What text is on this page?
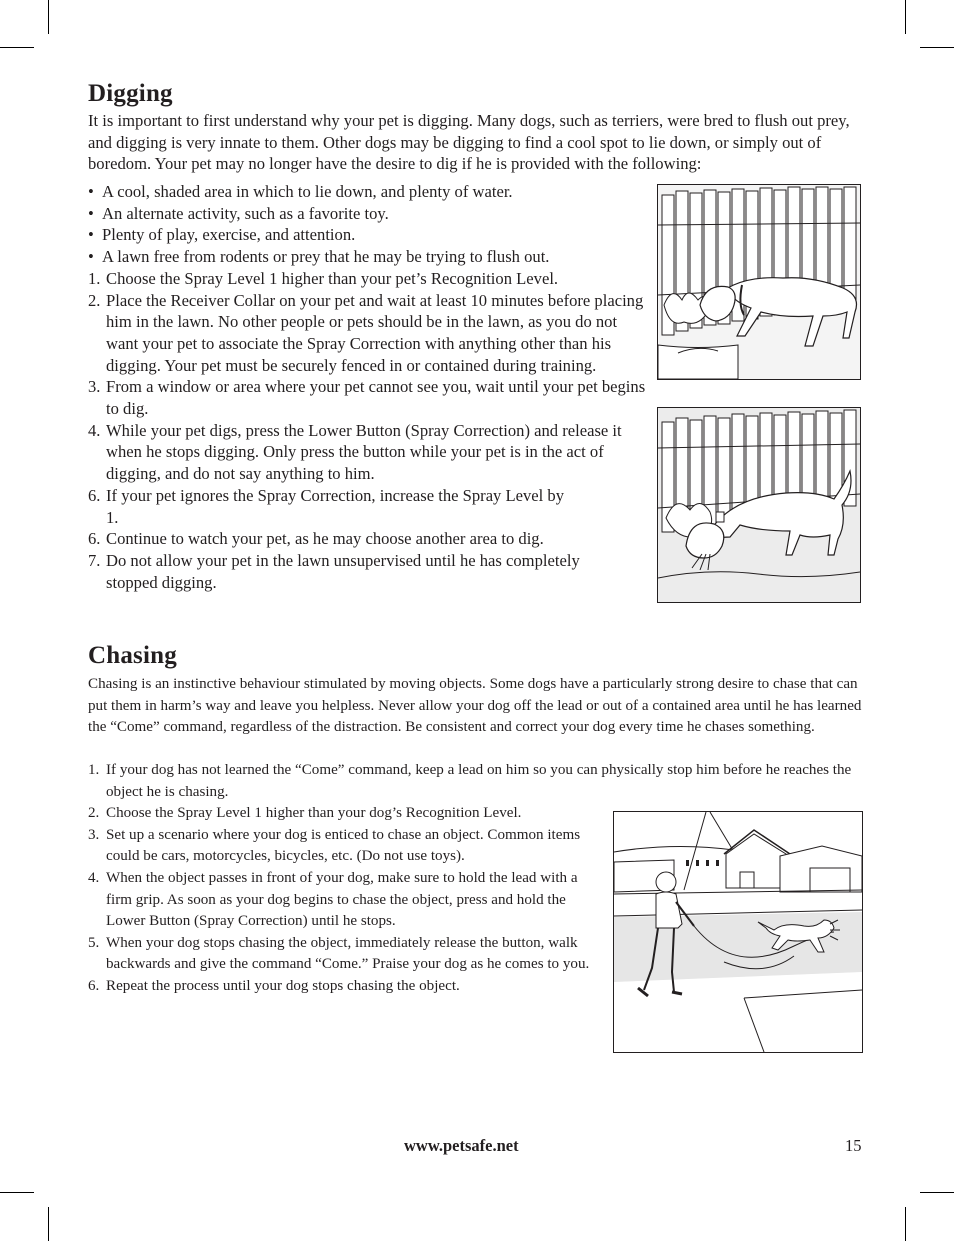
Digging

It is important to first understand why your pet is digging. Many dogs, such as terriers, were bred to flush out prey, and digging is very innate to them. Other dogs may be digging to find a cool spot to lie down, or simply out of boredom. Your pet may no longer have the desire to dig if he is provided with the following:

• A cool, shaded area in which to lie down, and plenty of water.
• An alternate activity, such as a favorite toy.
• Plenty of play, exercise, and attention.
• A lawn free from rodents or prey that he may be trying to flush out.
1. Choose the Spray Level 1 higher than your pet’s Recognition Level.
2. Place the Receiver Collar on your pet and wait at least 10 minutes before placing him in the lawn. No other people or pets should be in the lawn, as you do not want your pet to associate the Spray Correction with anything other than his digging. Your pet must be securely fenced in or contained during training.
3. From a window or area where your pet cannot see you, wait until your pet begins to dig.
4. While your pet digs, press the Lower Button (Spray Correction) and release it when he stops digging. Only press the button while your pet is in the act of digging, and do not say anything to him.
6. If your pet ignores the Spray Correction, increase the Spray Level by 1.
6. Continue to watch your pet, as he may choose another area to dig.
7. Do not allow your pet in the lawn unsupervised until he has completely stopped digging.
Chasing

Chasing is an instinctive behaviour stimulated by moving objects. Some dogs have a particularly strong desire to chase that can put them in harm’s way and leave you helpless. Never allow your dog off the lead or out of a contained area until he has learned the “Come” command, regardless of the distraction. Be consistent and correct your dog every time he chases something.

1. If your dog has not learned the “Come” command, keep a lead on him so you can physically stop him before he reaches the object he is chasing.
2. Choose the Spray Level 1 higher than your dog’s Recognition Level.
3. Set up a scenario where your dog is enticed to chase an object. Common items could be cars, motorcycles, bicycles, etc. (Do not use toys).
4. When the object passes in front of your dog, make sure to hold the lead with a firm grip. As soon as your dog begins to chase the object, press and hold the Lower Button (Spray Correction) until he stops.
5. When your dog stops chasing the object, immediately release the button, walk backwards and give the command “Come.” Praise your dog as he comes to you.
6. Repeat the process until your dog stops chasing the object.
www.petsafe.net	15
